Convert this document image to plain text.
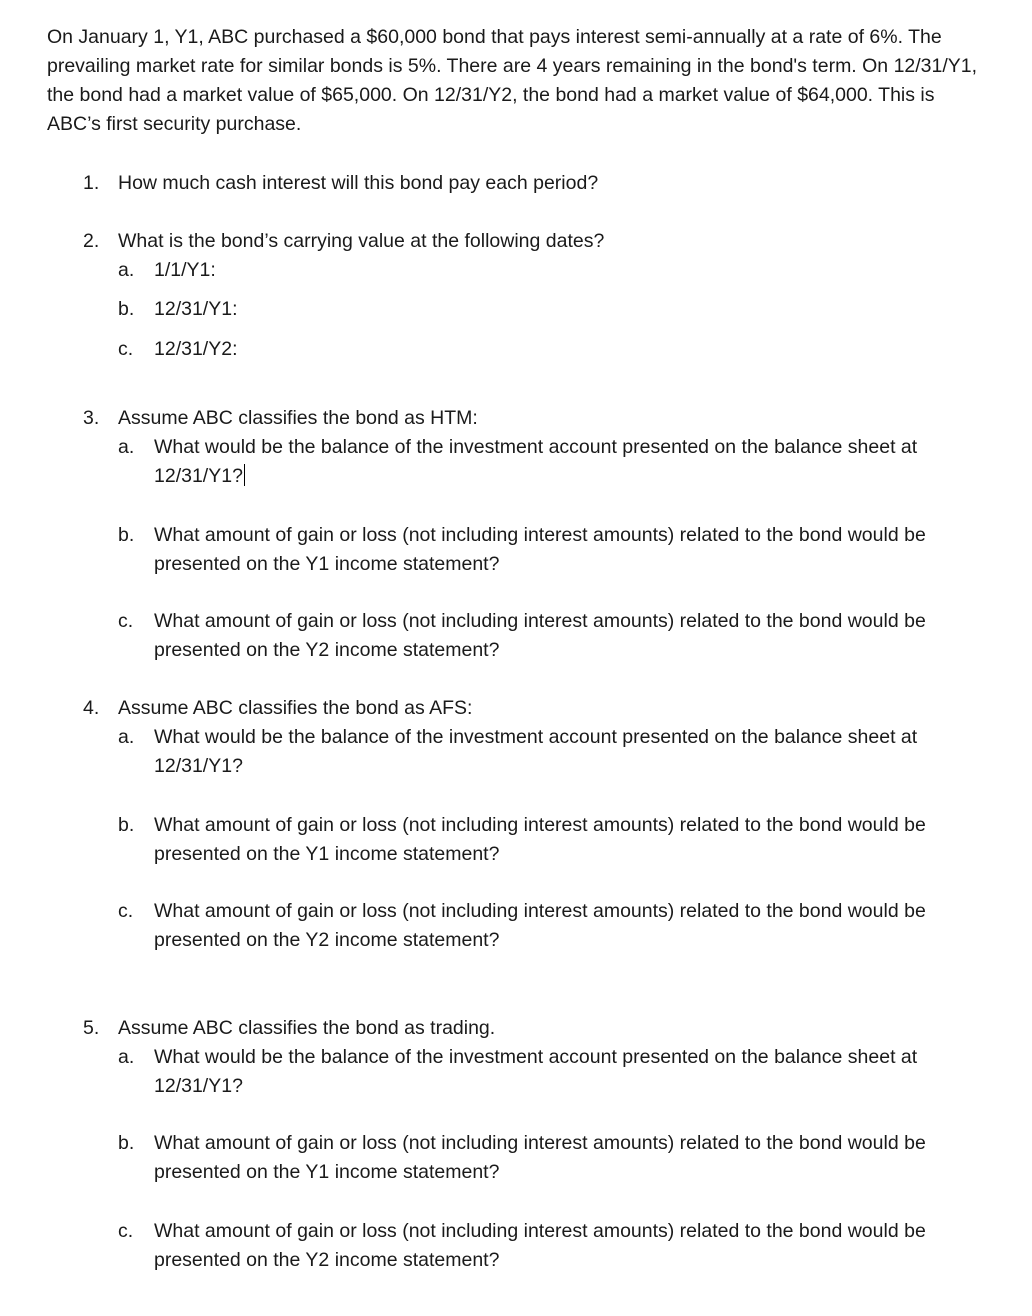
On January 1, Y1, ABC purchased a $60,000 bond that pays interest semi-annually at a rate of 6%. The prevailing market rate for similar bonds is 5%. There are 4 years remaining in the bond's term. On 12/31/Y1, the bond had a market value of $65,000. On 12/31/Y2, the bond had a market value of $64,000. This is ABC’s first security purchase.

1. How much cash interest will this bond pay each period?
2. What is the bond’s carrying value at the following dates?
a.	1/1/Y1:
b.	12/31/Y1:
c.	12/31/Y2:
3. Assume ABC classifies the bond as HTM:
a.	What would be the balance of the investment account presented on the balance sheet at 12/31/Y1?
b.	What amount of gain or loss (not including interest amounts) related to the bond would be presented on the Y1 income statement?
c.	What amount of gain or loss (not including interest amounts) related to the bond would be presented on the Y2 income statement?
4. Assume ABC classifies the bond as AFS:
a.	What would be the balance of the investment account presented on the balance sheet at 12/31/Y1?
b.	What amount of gain or loss (not including interest amounts) related to the bond would be presented on the Y1 income statement?
c.	What amount of gain or loss (not including interest amounts) related to the bond would be presented on the Y2 income statement?
5. Assume ABC classifies the bond as trading.
a.	What would be the balance of the investment account presented on the balance sheet at 12/31/Y1?
b.	What amount of gain or loss (not including interest amounts) related to the bond would be presented on the Y1 income statement?
c.	What amount of gain or loss (not including interest amounts) related to the bond would be presented on the Y2 income statement?
